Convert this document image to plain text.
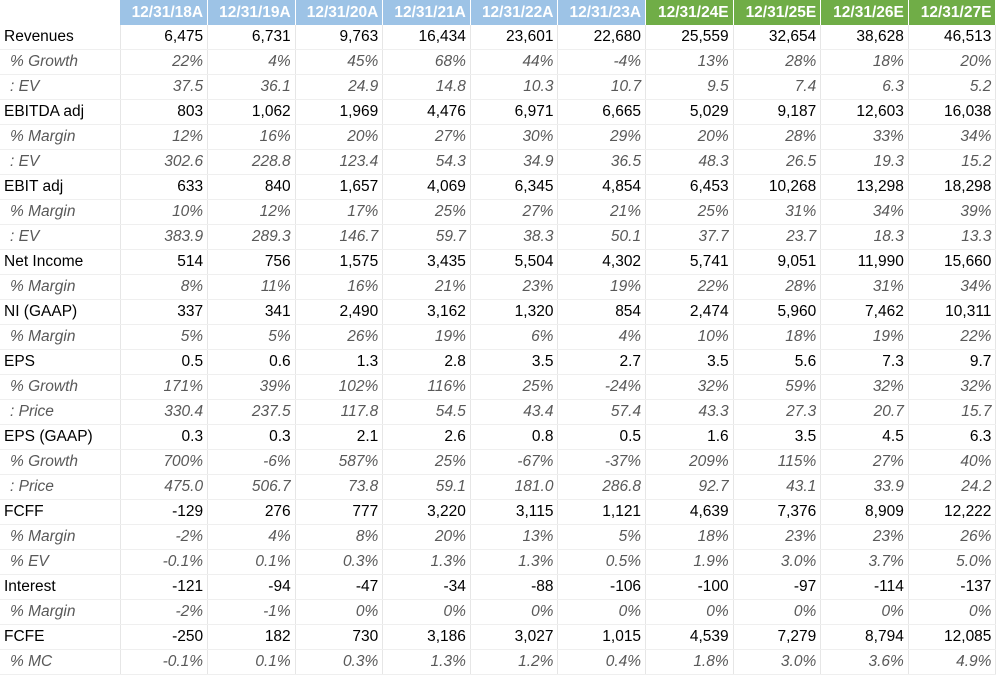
	12/31/18A	12/31/19A	12/31/20A	12/31/21A	12/31/22A	12/31/23A	12/31/24E	12/31/25E	12/31/26E	12/31/27E
Revenues	6,475	6,731	9,763	16,434	23,601	22,680	25,559	32,654	38,628	46,513
% Growth	22%	4%	45%	68%	44%	-4%	13%	28%	18%	20%
: EV	37.5	36.1	24.9	14.8	10.3	10.7	9.5	7.4	6.3	5.2
EBITDA adj	803	1,062	1,969	4,476	6,971	6,665	5,029	9,187	12,603	16,038
% Margin	12%	16%	20%	27%	30%	29%	20%	28%	33%	34%
: EV	302.6	228.8	123.4	54.3	34.9	36.5	48.3	26.5	19.3	15.2
EBIT adj	633	840	1,657	4,069	6,345	4,854	6,453	10,268	13,298	18,298
% Margin	10%	12%	17%	25%	27%	21%	25%	31%	34%	39%
: EV	383.9	289.3	146.7	59.7	38.3	50.1	37.7	23.7	18.3	13.3
Net Income	514	756	1,575	3,435	5,504	4,302	5,741	9,051	11,990	15,660
% Margin	8%	11%	16%	21%	23%	19%	22%	28%	31%	34%
NI (GAAP)	337	341	2,490	3,162	1,320	854	2,474	5,960	7,462	10,311
% Margin	5%	5%	26%	19%	6%	4%	10%	18%	19%	22%
EPS	0.5	0.6	1.3	2.8	3.5	2.7	3.5	5.6	7.3	9.7
% Growth	171%	39%	102%	116%	25%	-24%	32%	59%	32%	32%
: Price	330.4	237.5	117.8	54.5	43.4	57.4	43.3	27.3	20.7	15.7
EPS (GAAP)	0.3	0.3	2.1	2.6	0.8	0.5	1.6	3.5	4.5	6.3
% Growth	700%	-6%	587%	25%	-67%	-37%	209%	115%	27%	40%
: Price	475.0	506.7	73.8	59.1	181.0	286.8	92.7	43.1	33.9	24.2
FCFF	-129	276	777	3,220	3,115	1,121	4,639	7,376	8,909	12,222
% Margin	-2%	4%	8%	20%	13%	5%	18%	23%	23%	26%
% EV	-0.1%	0.1%	0.3%	1.3%	1.3%	0.5%	1.9%	3.0%	3.7%	5.0%
Interest	-121	-94	-47	-34	-88	-106	-100	-97	-114	-137
% Margin	-2%	-1%	0%	0%	0%	0%	0%	0%	0%	0%
FCFE	-250	182	730	3,186	3,027	1,015	4,539	7,279	8,794	12,085
% MC	-0.1%	0.1%	0.3%	1.3%	1.2%	0.4%	1.8%	3.0%	3.6%	4.9%
